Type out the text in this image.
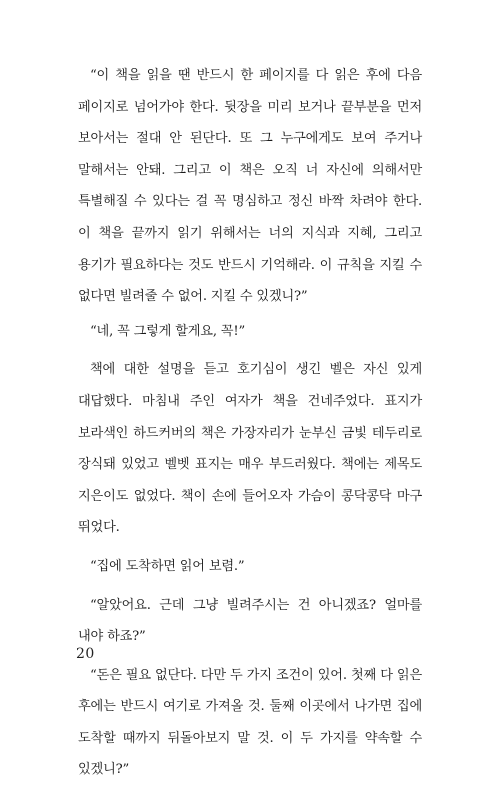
“이 책을 읽을 땐 반드시 한 페이지를 다 읽은 후에 다음 페이지로 넘어가야 한다. 뒷장을 미리 보거나 끝부분을 먼저 보아서는 절대 안 된단다. 또 그 누구에게도 보여 주거나 말해서는 안돼. 그리고 이 책은 오직 너 자신에 의해서만 특별해질 수 있다는 걸 꼭 명심하고 정신 바짝 차려야 한다. 이 책을 끝까지 읽기 위해서는 너의 지식과 지혜, 그리고 용기가 필요하다는 것도 반드시 기억해라. 이 규칙을 지킬 수 없다면 빌려줄 수 없어. 지킬 수 있겠니?”

“네, 꼭 그렇게 할게요, 꼭!”

책에 대한 설명을 듣고 호기심이 생긴 벨은 자신 있게 대답했다. 마침내 주인 여자가 책을 건네주었다. 표지가 보라색인 하드커버의 책은 가장자리가 눈부신 금빛 테두리로 장식돼 있었고 벨벳 표지는 매우 부드러웠다. 책에는 제목도 지은이도 없었다. 책이 손에 들어오자 가슴이 콩닥콩닥 마구 뛰었다.

“집에 도착하면 읽어 보렴.”

“알았어요. 근데 그냥 빌려주시는 건 아니겠죠? 얼마를 내야 하죠?”

“돈은 필요 없단다. 다만 두 가지 조건이 있어. 첫째 다 읽은 후에는 반드시 여기로 가져올 것. 둘째 이곳에서 나가면 집에 도착할 때까지 뒤돌아보지 말 것. 이 두 가지를 약속할 수 있겠니?”

20
